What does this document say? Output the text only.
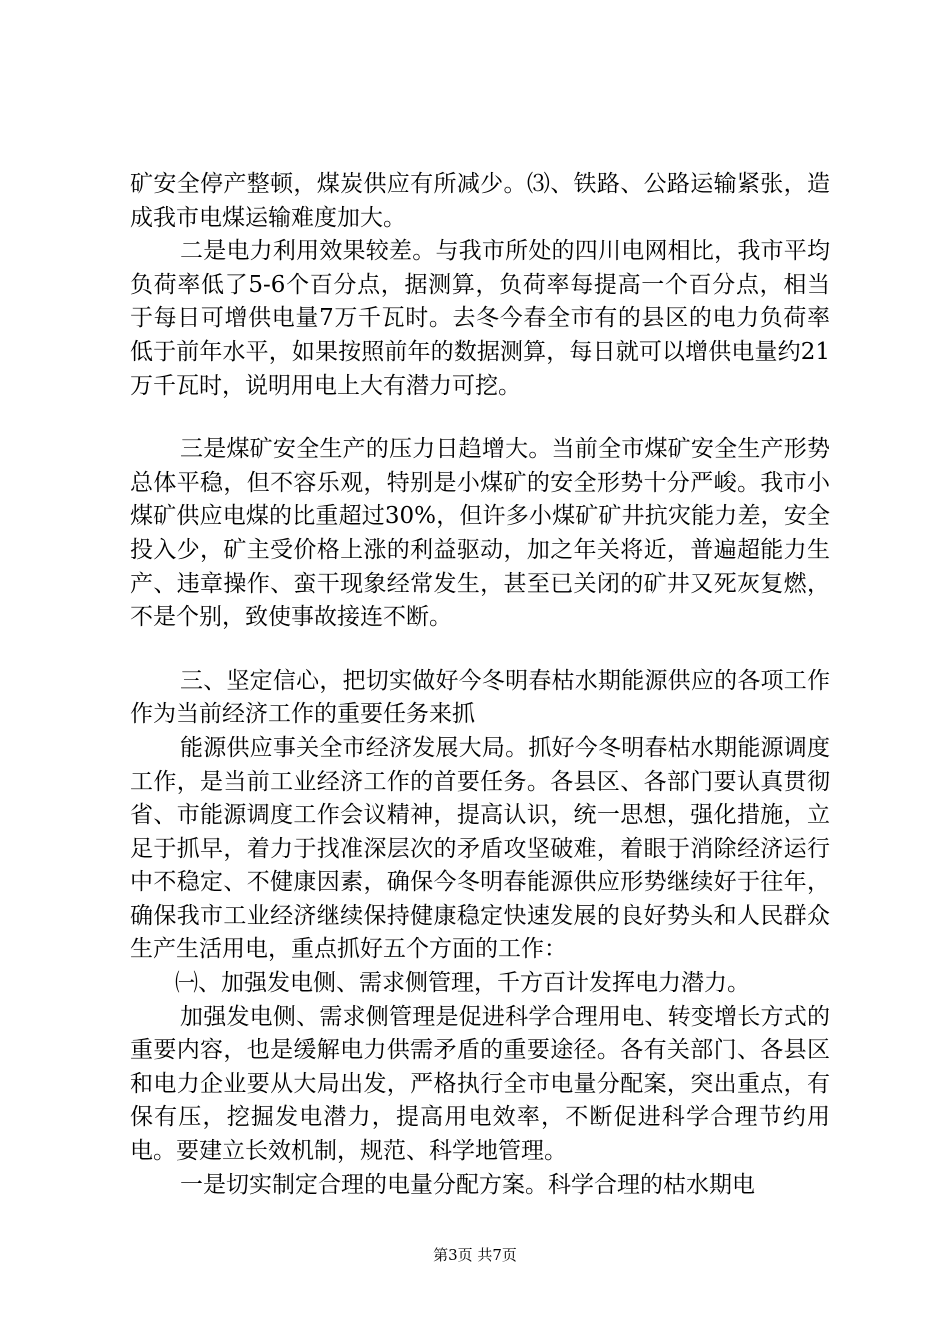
矿安全停产整顿，煤炭供应有所减少。⑶、铁路、公路运输紧张，造成我市电煤运输难度加大。

二是电力利用效果较差。与我市所处的四川电网相比，我市平均负荷率低了5-6个百分点，据测算，负荷率每提高一个百分点，相当于每日可增供电量7万千瓦时。去冬今春全市有的县区的电力负荷率低于前年水平，如果按照前年的数据测算，每日就可以增供电量约21万千瓦时，说明用电上大有潜力可挖。

三是煤矿安全生产的压力日趋增大。当前全市煤矿安全生产形势总体平稳，但不容乐观，特别是小煤矿的安全形势十分严峻。我市小煤矿供应电煤的比重超过30%，但许多小煤矿矿井抗灾能力差，安全投入少，矿主受价格上涨的利益驱动，加之年关将近，普遍超能力生产、违章操作、蛮干现象经常发生，甚至已关闭的矿井又死灰复燃，不是个别，致使事故接连不断。

三、坚定信心，把切实做好今冬明春枯水期能源供应的各项工作作为当前经济工作的重要任务来抓

能源供应事关全市经济发展大局。抓好今冬明春枯水期能源调度工作，是当前工业经济工作的首要任务。各县区、各部门要认真贯彻省、市能源调度工作会议精神，提高认识，统一思想，强化措施，立足于抓早，着力于找准深层次的矛盾攻坚破难，着眼于消除经济运行中不稳定、不健康因素，确保今冬明春能源供应形势继续好于往年，确保我市工业经济继续保持健康稳定快速发展的良好势头和人民群众生产生活用电，重点抓好五个方面的工作：

㈠、加强发电侧、需求侧管理，千方百计发挥电力潜力。

加强发电侧、需求侧管理是促进科学合理用电、转变增长方式的重要内容，也是缓解电力供需矛盾的重要途径。各有关部门、各县区和电力企业要从大局出发，严格执行全市电量分配案，突出重点，有保有压，挖掘发电潜力，提高用电效率，不断促进科学合理节约用电。要建立长效机制，规范、科学地管理。

一是切实制定合理的电量分配方案。科学合理的枯水期电

第3页 共7页
